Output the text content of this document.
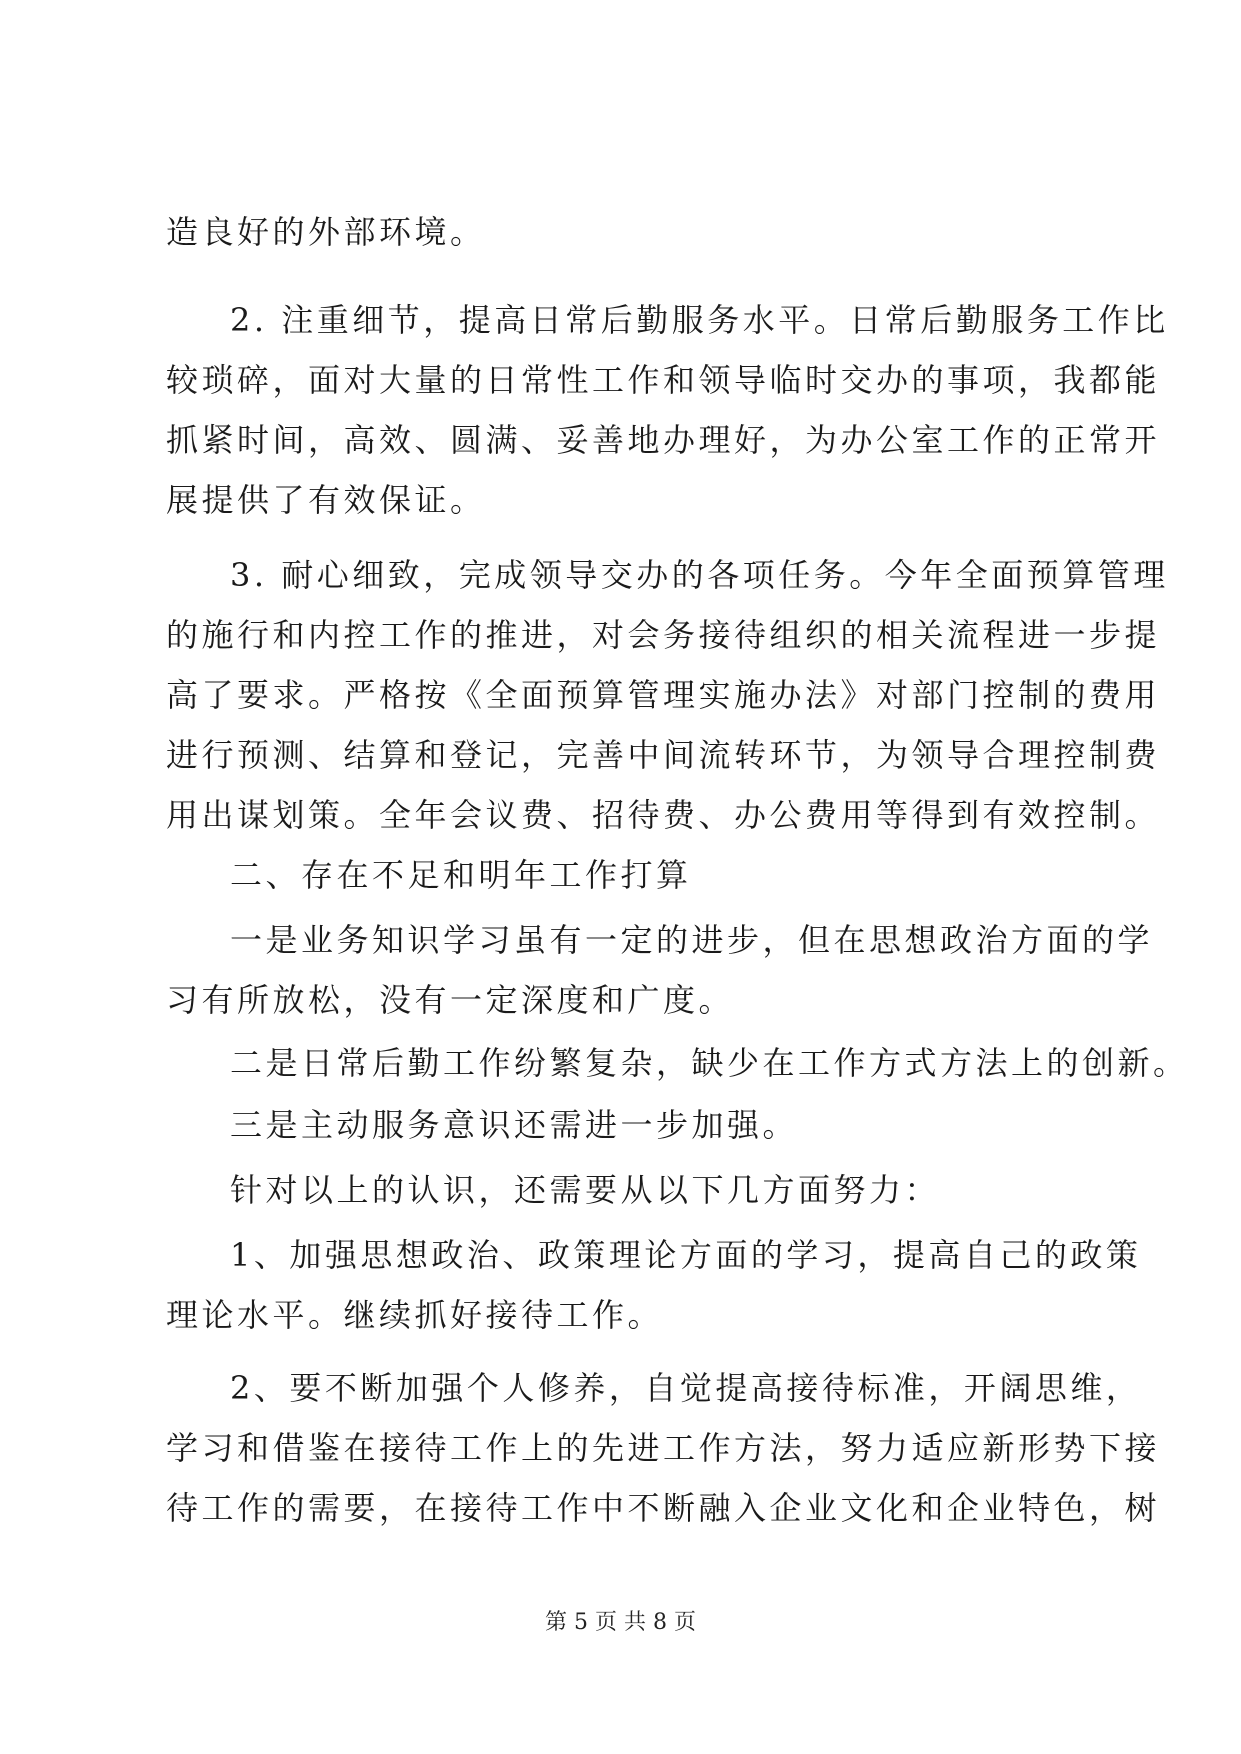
造良好的外部环境。
2. 注重细节，提高日常后勤服务水平。日常后勤服务工作比
较琐碎，面对大量的日常性工作和领导临时交办的事项，我都能
抓紧时间，高效、圆满、妥善地办理好，为办公室工作的正常开
展提供了有效保证。
3. 耐心细致，完成领导交办的各项任务。今年全面预算管理
的施行和内控工作的推进，对会务接待组织的相关流程进一步提
高了要求。严格按《全面预算管理实施办法》对部门控制的费用
进行预测、结算和登记，完善中间流转环节，为领导合理控制费
用出谋划策。全年会议费、招待费、办公费用等得到有效控制。
二、存在不足和明年工作打算
一是业务知识学习虽有一定的进步，但在思想政治方面的学
习有所放松，没有一定深度和广度。
二是日常后勤工作纷繁复杂，缺少在工作方式方法上的创新。
三是主动服务意识还需进一步加强。
针对以上的认识，还需要从以下几方面努力：
1、加强思想政治、政策理论方面的学习，提高自己的政策
理论水平。继续抓好接待工作。
2、要不断加强个人修养，自觉提高接待标准，开阔思维，
学习和借鉴在接待工作上的先进工作方法，努力适应新形势下接
待工作的需要，在接待工作中不断融入企业文化和企业特色，树
第 5 页 共 8 页
